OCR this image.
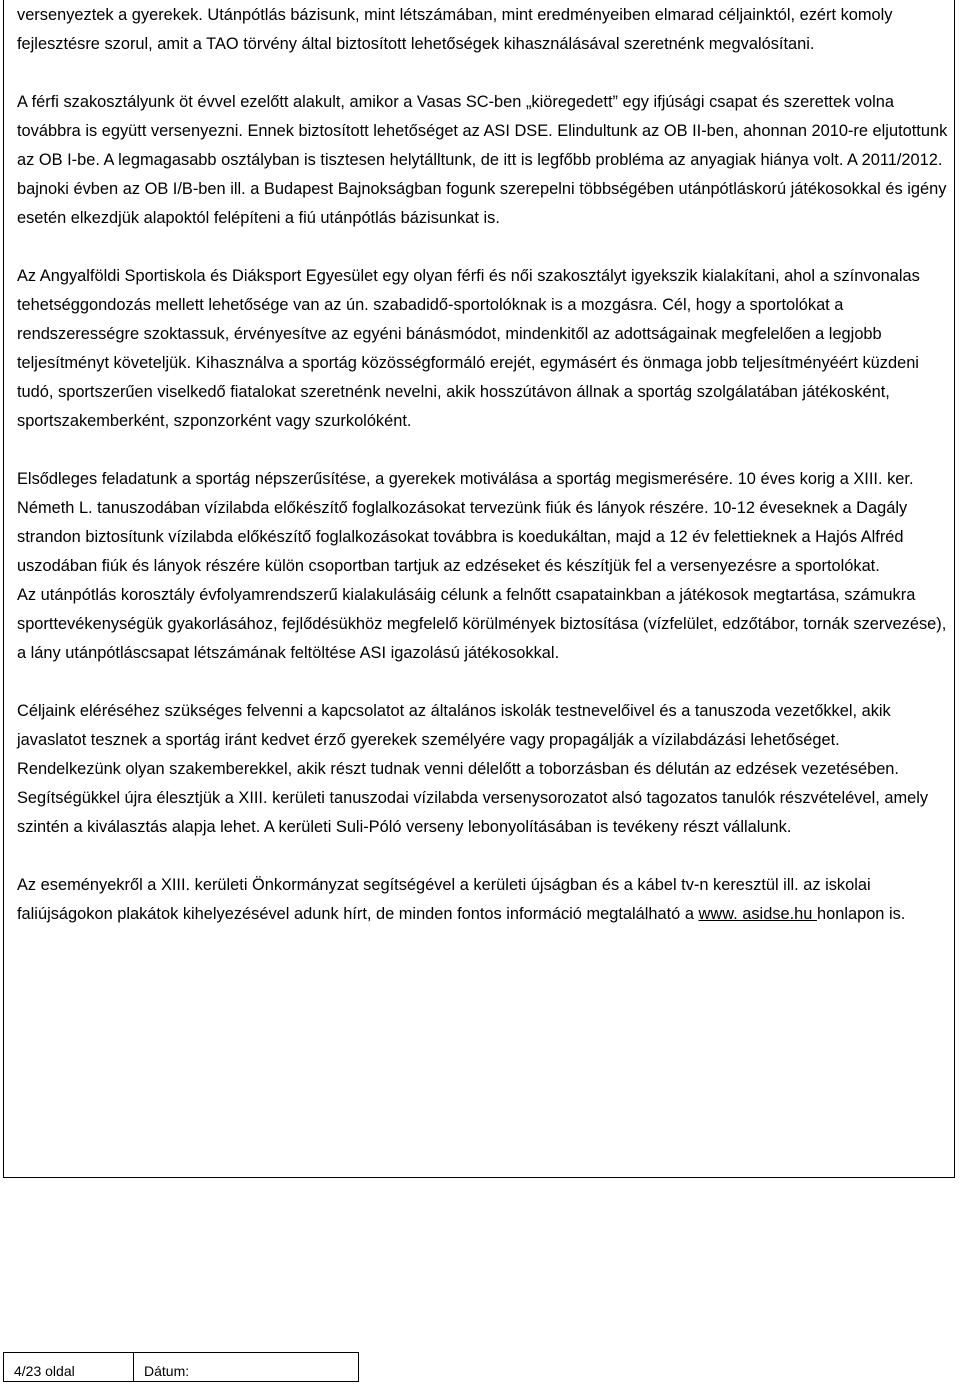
versenyeztek a gyerekek. Utánpótlás bázisunk, mint létszámában, mint eredményeiben elmarad céljainktól, ezért komoly fejlesztésre szorul, amit a TAO törvény által biztosított lehetőségek kihasználásával szeretnénk megvalósítani.

A férfi szakosztályunk öt évvel ezelőtt alakult, amikor a Vasas SC-ben „kiöregedett” egy ifjúsági csapat és szerettek volna továbbra is együtt versenyezni. Ennek biztosított lehetőséget az ASI DSE. Elindultunk az OB II-ben, ahonnan 2010-re eljutottunk az OB I-be. A legmagasabb osztályban is tisztesen helytálltunk, de itt is legfőbb probléma az anyagiak hiánya volt. A 2011/2012. bajnoki évben az OB I/B-ben ill. a Budapest Bajnokságban fogunk szerepelni többségében utánpótláskorú játékosokkal és igény esetén elkezdjük alapoktól felépíteni a fiú utánpótlás bázisunkat is.

Az Angyalföldi Sportiskola és Diáksport Egyesület egy olyan férfi és női szakosztályt igyekszik kialakítani, ahol a színvonalas tehetséggondozás mellett lehetősége van az ún. szabadidő-sportolóknak is a mozgásra. Cél, hogy a sportolókat a rendszerességre szoktassuk, érvényesítve az egyéni bánásmódot, mindenkitől az adottságainak megfelelően a legjobb teljesítményt követeljük. Kihasználva a sportág közösségformáló erejét, egymásért és önmaga jobb teljesítményéért küzdeni tudó, sportszerűen viselkedő fiatalokat szeretnénk nevelni, akik hosszútávon állnak a sportág szolgálatában játékosként, sportszakemberként, szponzorként vagy szurkolóként.

Elsődleges feladatunk a sportág népszerűsítése, a gyerekek motiválása a sportág megismerésére. 10 éves korig a XIII. ker. Németh L. tanuszodában vízilabda előkészítő foglalkozásokat tervezünk fiúk és lányok részére. 10-12 éveseknek a Dagály strandon biztosítunk vízilabda előkészítő foglalkozásokat továbbra is koedukáltan, majd a 12 év felettieknek a Hajós Alfréd uszodában fiúk és lányok részére külön csoportban tartjuk az edzéseket és készítjük fel a versenyezésre a sportolókat.

Az utánpótlás korosztály évfolyamrendszerű kialakulásáig célunk a felnőtt csapatainkban a játékosok megtartása, számukra sporttevékenységük gyakorlásához, fejlődésükhöz megfelelő körülmények biztosítása (vízfelület, edzőtábor, tornák szervezése), a lány utánpótláscsapat létszámának feltöltése ASI igazolású játékosokkal.

Céljaink eléréséhez szükséges felvenni a kapcsolatot az általános iskolák testnevelőivel és a tanuszoda vezetőkkel, akik javaslatot tesznek a sportág iránt kedvet érző gyerekek személyére vagy propagálják a vízilabdázási lehetőséget.

Rendelkezünk olyan szakemberekkel, akik részt tudnak venni délelőtt a toborzásban és délután az edzések vezetésében. Segítségükkel újra élesztjük a XIII. kerületi tanuszodai vízilabda versenysorozatot alsó tagozatos tanulók részvételével, amely szintén a kiválasztás alapja lehet. A kerületi Suli-Póló verseny lebonyolításában is tevékeny részt vállalunk.

Az eseményekről a XIII. kerületi Önkormányzat segítségével a kerületi újságban és a kábel tv-n keresztül ill. az iskolai faliújságokon plakátok kihelyezésével adunk hírt, de minden fontos információ megtalálható a www. asidse.hu honlapon is.

4/23 oldal	Dátum:
